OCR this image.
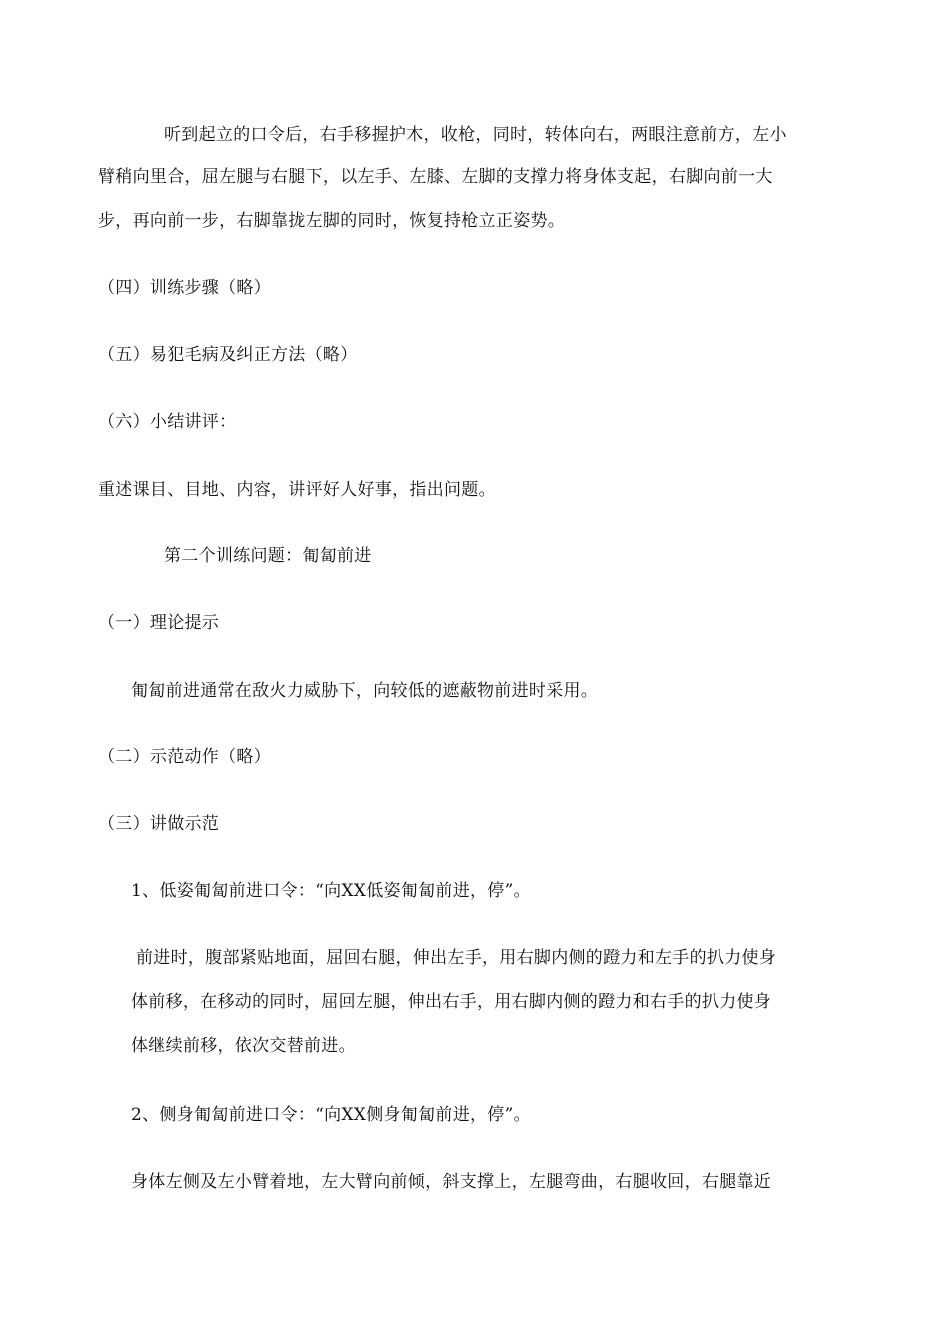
听到起立的口令后，右手移握护木，收枪，同时，转体向右，两眼注意前方，左小
臂稍向里合，屈左腿与右腿下，以左手、左膝、左脚的支撑力将身体支起，右脚向前一大
步，再向前一步，右脚靠拢左脚的同时，恢复持枪立正姿势。
（四）训练步骤（略）
（五）易犯毛病及纠正方法（略）
（六）小结讲评：
重述课目、目地、内容，讲评好人好事，指出问题。
第二个训练问题：匍匐前进
（一）理论提示
匍匐前进通常在敌火力威胁下，向较低的遮蔽物前进时采用。
（二）示范动作（略）
（三）讲做示范
1、低姿匍匐前进口令：“向XX低姿匍匐前进，停”。
前进时，腹部紧贴地面，屈回右腿，伸出左手，用右脚内侧的蹬力和左手的扒力使身
体前移，在移动的同时，屈回左腿，伸出右手，用右脚内侧的蹬力和右手的扒力使身
体继续前移，依次交替前进。
2、侧身匍匐前进口令：“向XX侧身匍匐前进，停”。
身体左侧及左小臂着地，左大臂向前倾，斜支撑上，左腿弯曲，右腿收回，右腿靠近
